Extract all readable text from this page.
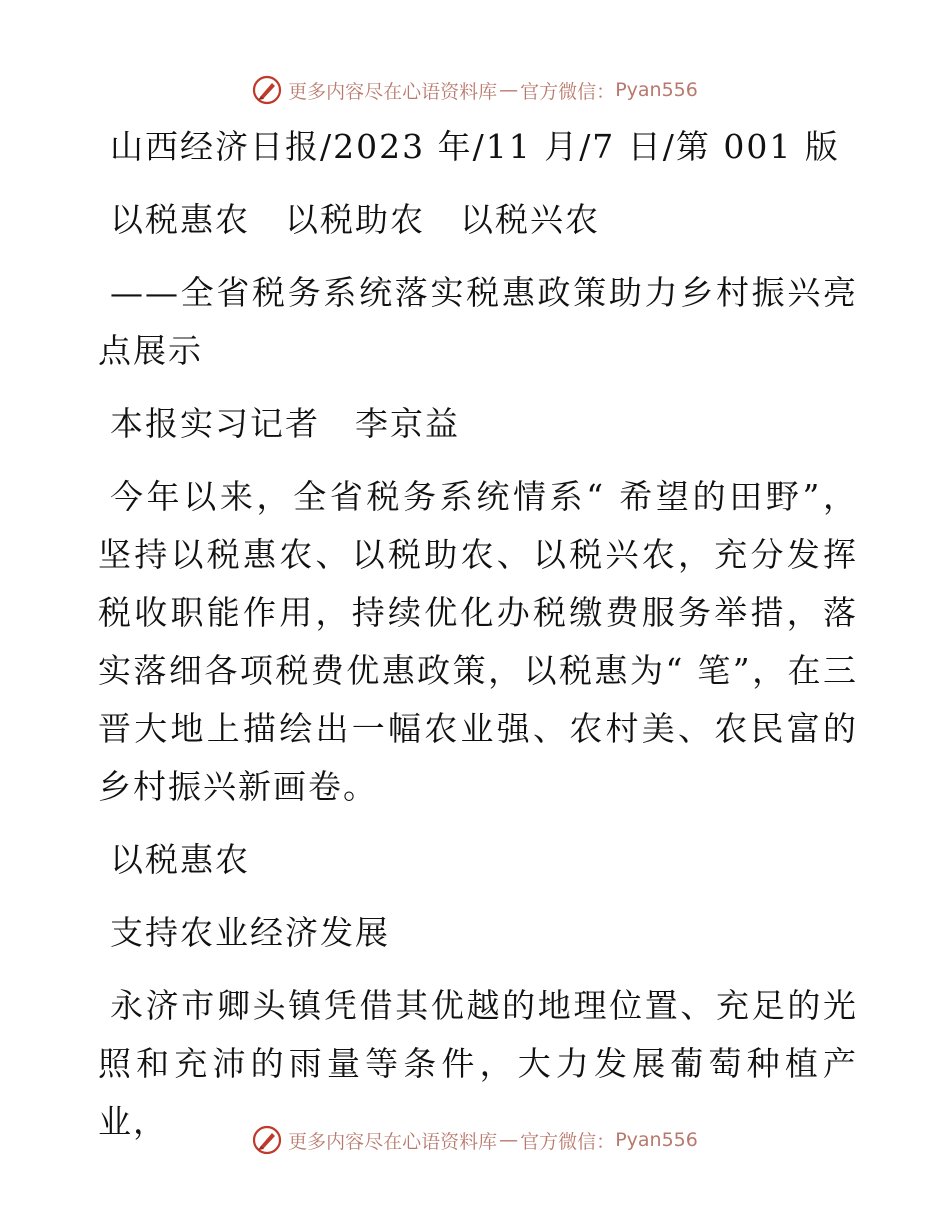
更多内容尽在心语资料库 — 官方微信： Pyan556

山西经济日报/2023 年/11 月/7 日/第 001 版

以税惠农　以税助农　以税兴农

——全省税务系统落实税惠政策助力乡村振兴亮点展示

本报实习记者　李京益

今年以来，全省税务系统情系“ 希望的田野”，坚持以税惠农、以税助农、以税兴农，充分发挥税收职能作用，持续优化办税缴费服务举措，落实落细各项税费优惠政策，以税惠为“ 笔”，在三晋大地上描绘出一幅农业强、农村美、农民富的乡村振兴新画卷。

以税惠农

支持农业经济发展

永济市卿头镇凭借其优越的地理位置、充足的光照和充沛的雨量等条件，大力发展葡萄种植产业，

更多内容尽在心语资料库 — 官方微信： Pyan556
